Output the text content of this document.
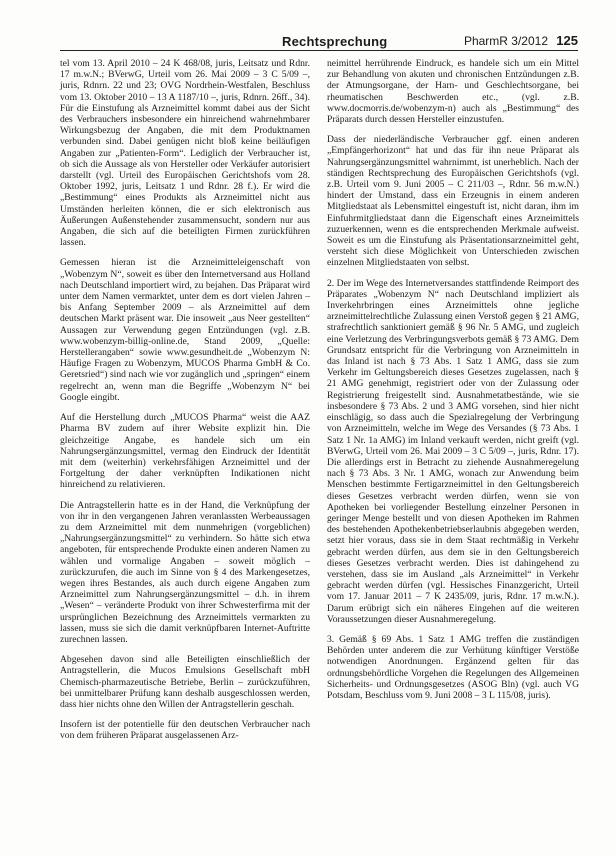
Rechtsprechung	PharmR 3/2012 125

tel vom 13. April 2010 – 24 K 468/08, juris, Leitsatz und Rdnr. 17 m.w.N.; BVerwG, Urteil vom 26. Mai 2009 – 3 C 5/09 –, juris, Rdnrn. 22 und 23; OVG Nordrhein-Westfalen, Beschluss vom 13. Oktober 2010 – 13 A 1187/10 –, juris, Rdnrn. 26ff., 34). Für die Einstufung als Arzneimittel kommt dabei aus der Sicht des Verbrauchers insbesondere ein hinreichend wahrnehmbarer Wirkungsbezug der Angaben, die mit dem Produktnamen verbunden sind. Dabei genügen nicht bloß keine beiläufigen Angaben zur „Patienten-Form“. Lediglich der Verbraucher ist, ob sich die Aussage als von Hersteller oder Verkäufer autorisiert darstellt (vgl. Urteil des Europäischen Gerichtshofs vom 28. Oktober 1992, juris, Leitsatz 1 und Rdnr. 28 f.). Er wird die „Bestimmung“ eines Produkts als Arzneimittel nicht aus Umständen herleiten können, die er sich elektronisch aus Äußerungen Außenstehender zusammensucht, sondern nur aus Angaben, die sich auf die beteiligten Firmen zurückführen lassen.

Gemessen hieran ist die Arzneimitteleigenschaft von „Wobenzym N“, soweit es über den Internetversand aus Holland nach Deutschland importiert wird, zu bejahen. Das Präparat wird unter dem Namen vermarktet, unter dem es dort vielen Jahren – bis Anfang September 2009 – als Arzneimittel auf dem deutschen Markt präsent war. Die insoweit „aus Neer gestellten“ Aussagen zur Verwendung gegen Entzündungen (vgl. z.B. www.wobenzym-billig-online.de, Stand 2009, „Quelle: Herstellerangaben“ sowie www.gesundheit.de „Wobenzym N: Häufige Fragen zu Wobenzym, MUCOS Pharma GmbH & Co. Geretsried“) sind nach wie vor zugänglich und „springen“ einem regelrecht an, wenn man die Begriffe „Wobenzym N“ bei Google eingibt.

Auf die Herstellung durch „MUCOS Pharma“ weist die AAZ Pharma BV zudem auf ihrer Website explizit hin. Die gleichzeitige Angabe, es handele sich um ein Nahrungsergänzungsmittel, vermag den Eindruck der Identität mit dem (weiterhin) verkehrsfähigen Arzneimittel und der Fortgeltung der daher verknüpften Indikationen nicht hinreichend zu relativieren.

Die Antragstellerin hatte es in der Hand, die Verknüpfung der von ihr in den vergangenen Jahren veranlassten Werbeaussagen zu dem Arzneimittel mit dem nunmehrigen (vorgeblichen) „Nahrungsergänzungsmittel“ zu verhindern. So hätte sich etwa angeboten, für entsprechende Produkte einen anderen Namen zu wählen und vormalige Angaben – soweit möglich – zurückzurufen, die auch im Sinne von § 4 des Markengesetzes, wegen ihres Bestandes, als auch durch eigene Angaben zum Arzneimittel zum Nahrungsergänzungsmittel – d.h. in ihrem „Wesen“ – veränderte Produkt von ihrer Schwesterfirma mit der ursprünglichen Bezeichnung des Arzneimittels vermarkten zu lassen, muss sie sich die damit verknüpfbaren Internet-Auftritte zurechnen lassen.

Abgesehen davon sind alle Beteiligten einschließlich der Antragstellerin, die Mucos Emulsions Gesellschaft mbH Chemisch-pharmazeutische Betriebe, Berlin – zurückzuführen, bei unmittelbarer Prüfung kann deshalb ausgeschlossen werden, dass hier nichts ohne den Willen der Antragstellerin geschah.

Insofern ist der potentielle für den deutschen Verbraucher nach von dem früheren Präparat ausgelassenen Arz-

neimittel herrührende Eindruck, es handele sich um ein Mittel zur Behandlung von akuten und chronischen Entzündungen z.B. der Atmungsorgane, der Harn- und Geschlechtsorgane, bei rheumatischen Beschwerden etc., (vgl. z.B. www.docmorris.de/wobenzym-n) auch als „Bestimmung“ des Präparats durch dessen Hersteller einzustufen.

Dass der niederländische Verbraucher ggf. einen anderen „Empfängerhorizont“ hat und das für ihn neue Präparat als Nahrungsergänzungsmittel wahrnimmt, ist unerheblich. Nach der ständigen Rechtsprechung des Europäischen Gerichtshofs (vgl. z.B. Urteil vom 9. Juni 2005 – C 211/03 –, Rdnr. 56 m.w.N.) hindert der Umstand, dass ein Erzeugnis in einem anderen Mitgliedstaat als Lebensmittel eingestuft ist, nicht daran, ihm im Einfuhrmitgliedstaat dann die Eigenschaft eines Arzneimittels zuzuerkennen, wenn es die entsprechenden Merkmale aufweist. Soweit es um die Einstufung als Präsentationsarzneimittel geht, versteht sich diese Möglichkeit von Unterschieden zwischen einzelnen Mitgliedstaaten von selbst.

2. Der im Wege des Internetversandes stattfindende Reimport des Präparates „Wobenzym N“ nach Deutschland impliziert als Inverkehrbringen eines Arzneimittels ohne jegliche arzneimittelrechtliche Zulassung einen Verstoß gegen § 21 AMG, strafrechtlich sanktioniert gemäß § 96 Nr. 5 AMG, und zugleich eine Verletzung des Verbringungsverbots gemäß § 73 AMG. Dem Grundsatz entspricht für die Verbringung von Arzneimitteln in das Inland ist nach § 73 Abs. 1 Satz 1 AMG, dass sie zum Verkehr im Geltungsbereich dieses Gesetzes zugelassen, nach § 21 AMG genehmigt, registriert oder von der Zulassung oder Registrierung freigestellt sind. Ausnahmetatbestände, wie sie insbesondere § 73 Abs. 2 und 3 AMG vorsehen, sind hier nicht einschlägig, so dass auch die Spezialregelung der Verbringung von Arzneimitteln, welche im Wege des Versandes (§ 73 Abs. 1 Satz 1 Nr. 1a AMG) im Inland verkauft werden, nicht greift (vgl. BVerwG, Urteil vom 26. Mai 2009 – 3 C 5/09 –, juris, Rdnr. 17). Die allerdings erst in Betracht zu ziehende Ausnahmeregelung nach § 73 Abs. 3 Nr. 1 AMG, wonach zur Anwendung beim Menschen bestimmte Fertigarzneimittel in den Geltungsbereich dieses Gesetzes verbracht werden dürfen, wenn sie von Apotheken bei vorliegender Bestellung einzelner Personen in geringer Menge bestellt und von diesen Apotheken im Rahmen des bestehenden Apothekenbetriebserlaubnis abgegeben werden, setzt hier voraus, dass sie in dem Staat rechtmäßig in Verkehr gebracht werden dürfen, aus dem sie in den Geltungsbereich dieses Gesetzes verbracht werden. Dies ist dahingehend zu verstehen, dass sie im Ausland „als Arzneimittel“ in Verkehr gebracht werden dürfen (vgl. Hessisches Finanzgericht, Urteil vom 17. Januar 2011 – 7 K 2435/09, juris, Rdnr. 17 m.w.N.). Darum erübrigt sich ein näheres Eingehen auf die weiteren Voraussetzungen dieser Ausnahmeregelung.

3. Gemäß § 69 Abs. 1 Satz 1 AMG treffen die zuständigen Behörden unter anderem die zur Verhütung künftiger Verstöße notwendigen Anordnungen. Ergänzend gelten für das ordnungsbehördliche Vorgehen die Regelungen des Allgemeinen Sicherheits- und Ordnungsgesetzes (ASOG Bln) (vgl. auch VG Potsdam, Beschluss vom 9. Juni 2008 – 3 L 115/08, juris).
